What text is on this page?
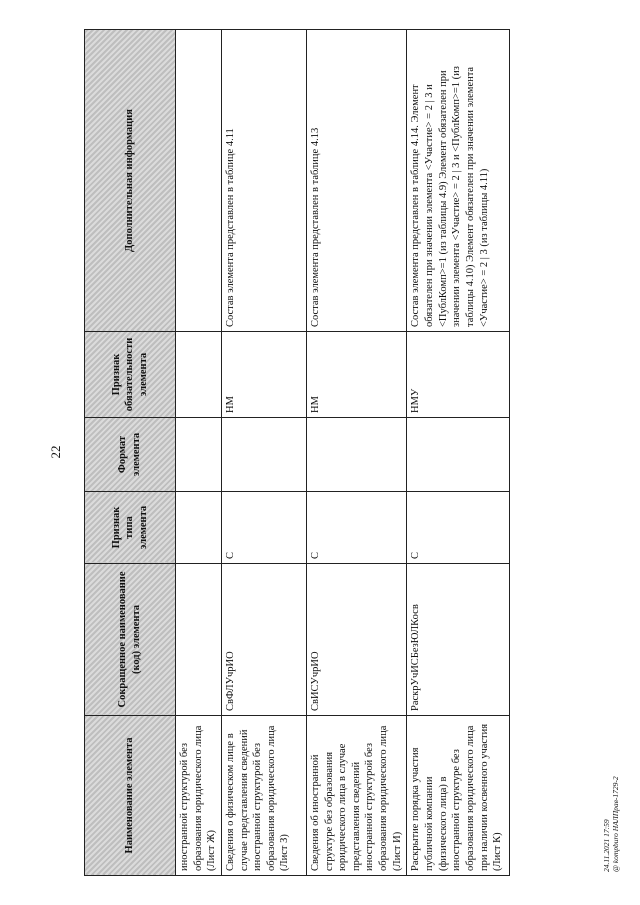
22
Наименование элемента	Сокращенное наименование (код) элемента	Признак типа элемента	Формат элемента	Признак обязательности элемента	Дополнительная информация
иностранной структурой без образования юридического лица (Лист Ж)					
Сведения о физическом лице в случае представления сведений иностранной структурой без образования юридического лица (Лист З)	СвФЛУчрИО	С		НМ	Состав элемента представлен в таблице 4.11
Сведения об иностранной структуре без образования юридического лица в случае представления сведений иностранной структурой без образования юридического лица (Лист И)	СвИСУчрИО	С		НМ	Состав элемента представлен в таблице 4.13
Раскрытие порядка участия публичной компании (физического лица) в иностранной структуре без образования юридического лица при наличии косвенного участия (Лист К)	РаскрУчИСБезЮЛКосв	С		НМУ	Состав элемента представлен в таблице 4.14. Элемент обязателен при значении элемента <Участие> = 2 | 3 и <ПублКомп>=1 (из таблицы 4.9) Элемент обязателен при значении элемента <Участие> = 2 | 3 и <ПублКомп>=1 (из таблицы 4.10) Элемент обязателен при значении элемента <Участие> = 2 | 3 (из таблицы 4.11)
24.11.2021 17:59 @ kompburo НАЛПрав-1729-2
